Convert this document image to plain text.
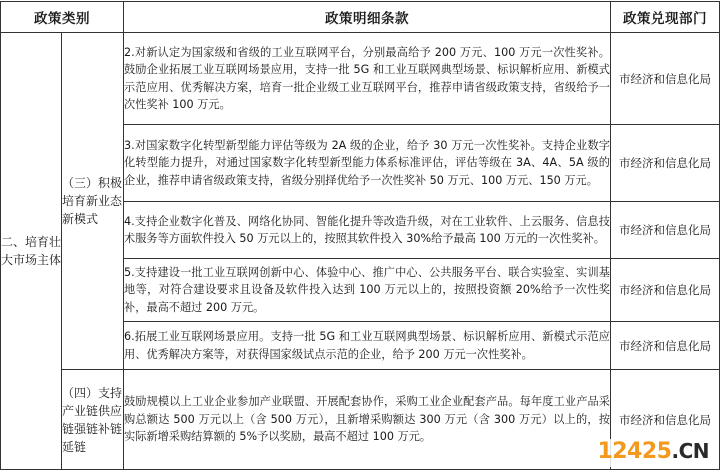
政策类别		政策明细条款	政策兑现部门
二、培育壮大市场主体	（三）积极培育新业态新模式	2.对新认定为国家级和省级的工业互联网平台，分别最高给予 200 万元、100 万元一次性奖补。鼓励企业拓展工业互联网场景应用，支持一批 5G 和工业互联网典型场景、标识解析应用、新模式示范应用、优秀解决方案，培育一批企业级工业互联网平台，推荐申请省级政策支持，省级给予一次性奖补 100 万元。	市经济和信息化局
		3.对国家数字化转型新型能力评估等级为 2A 级的企业，给予 30 万元一次性奖补。支持企业数字化转型能力提升，对通过国家数字化转型新型能力体系标准评估，评估等级在 3A、4A、5A 级的企业，推荐申请省级政策支持，省级分别择优给予一次性奖补 50 万元、100 万元、150 万元。	市经济和信息化局
		4.支持企业数字化普及、网络化协同、智能化提升等改造升级，对在工业软件、上云服务、信息技术服务等方面软件投入 50 万元以上的，按照其软件投入 30%给予最高 100 万元的一次性奖补。	市经济和信息化局
		5.支持建设一批工业互联网创新中心、体验中心、推广中心、公共服务平台、联合实验室、实训基地等，对符合建设要求且设备及软件投入达到 100 万元以上的，按照投资额 20%给予一次性奖补，最高不超过 200 万元。	市经济和信息化局
		6.拓展工业互联网场景应用。支持一批 5G 和工业互联网典型场景、标识解析应用、新模式示范应用、优秀解决方案等，对获得国家级试点示范的企业，给予 200 万元一次性奖补。	市经济和信息化局
	（四）支持产业链供应链强链补链延链	鼓励规模以上工业企业参加产业联盟、开展配套协作，采购工业企业配套产品。每年度工业产品采购总额达 500 万元以上（含 500 万元），且新增采购额达 300 万元（含 300 万元）以上的，按实际新增采购结算额的 5%予以奖励，最高不超过 100 万元。	市经济和信息化局
12425 .CN
